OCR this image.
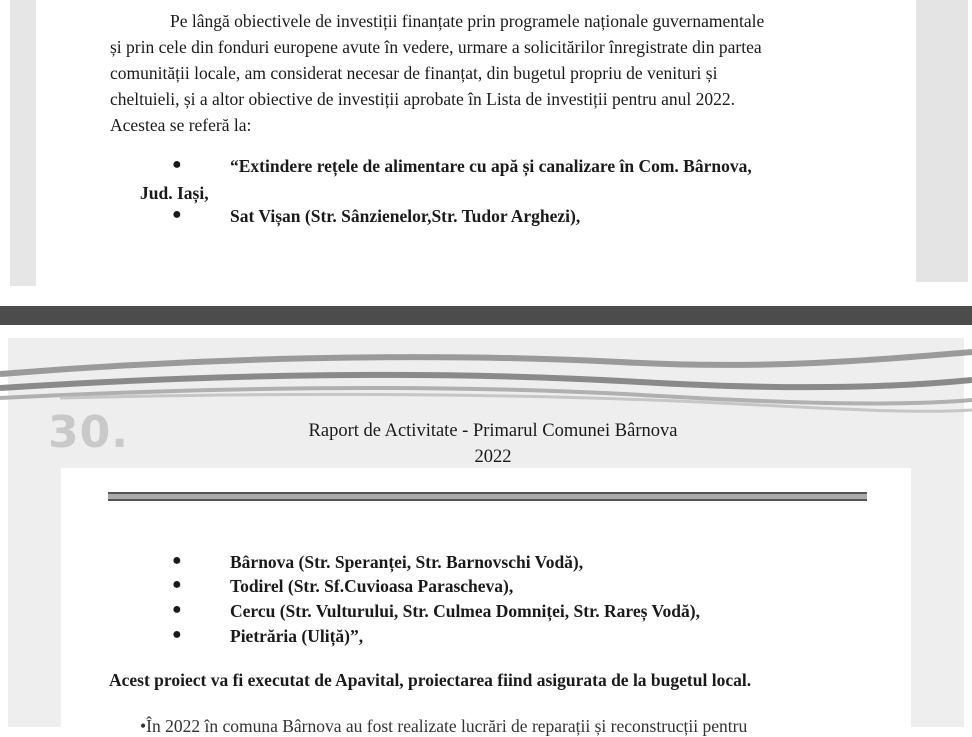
Pe lângă obiectivele de investiții finanțate prin programele naționale guvernamentale
și prin cele din fonduri europene avute în vedere, urmare a solicitărilor înregistrate din partea
comunității locale, am considerat necesar de finanțat, din bugetul propriu de venituri și
cheltuieli, și a altor obiective de investiții aprobate în Lista de investiții pentru anul 2022.
Acestea se referă la:
●	“Extindere rețele de alimentare cu apă și canalizare în Com. Bârnova,
Jud. Iași,
●	Sat Vișan (Str. Sânzienelor,Str. Tudor Arghezi),
30.	Raport de Activitate - Primarul Comunei Bârnova
2022
●	Bârnova (Str. Speranței, Str. Barnovschi Vodă),
●	Todirel (Str. Sf.Cuvioasa Parascheva),
●	Cercu (Str. Vulturului, Str. Culmea Domniței, Str. Rareș Vodă),
●	Pietrăria (Uliță)”,
Acest proiect va fi executat de Apavital, proiectarea fiind asigurata de la bugetul local.
•În 2022 în comuna Bârnova au fost realizate lucrări de reparații și reconstrucții pentru
